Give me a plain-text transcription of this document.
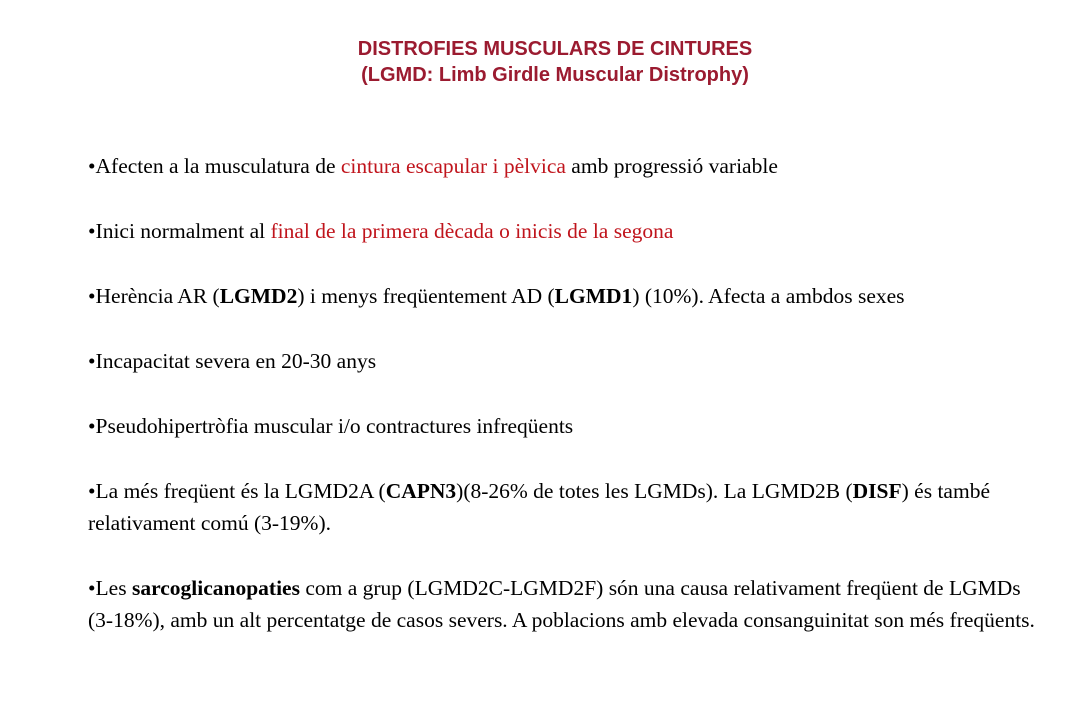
DISTROFIES MUSCULARS DE CINTURES
(LGMD: Limb Girdle Muscular Distrophy)
•Afecten a la musculatura de cintura escapular i pèlvica amb progressió variable
•Inici normalment al final de la primera dècada o inicis de la segona
•Herència AR (LGMD2) i menys freqüentement AD (LGMD1) (10%). Afecta a ambdos sexes
•Incapacitat severa en 20-30 anys
•Pseudohipertròfia muscular i/o contractures infreqüents
•La més freqüent és la LGMD2A (CAPN3)(8-26% de totes les LGMDs). La LGMD2B (DISF) és també relativament comú (3-19%).
•Les sarcoglicanopaties com a grup (LGMD2C-LGMD2F) són una causa relativament freqüent de LGMDs (3-18%), amb un alt percentatge de casos severs. A poblacions amb elevada consanguinitat son més freqüents.
